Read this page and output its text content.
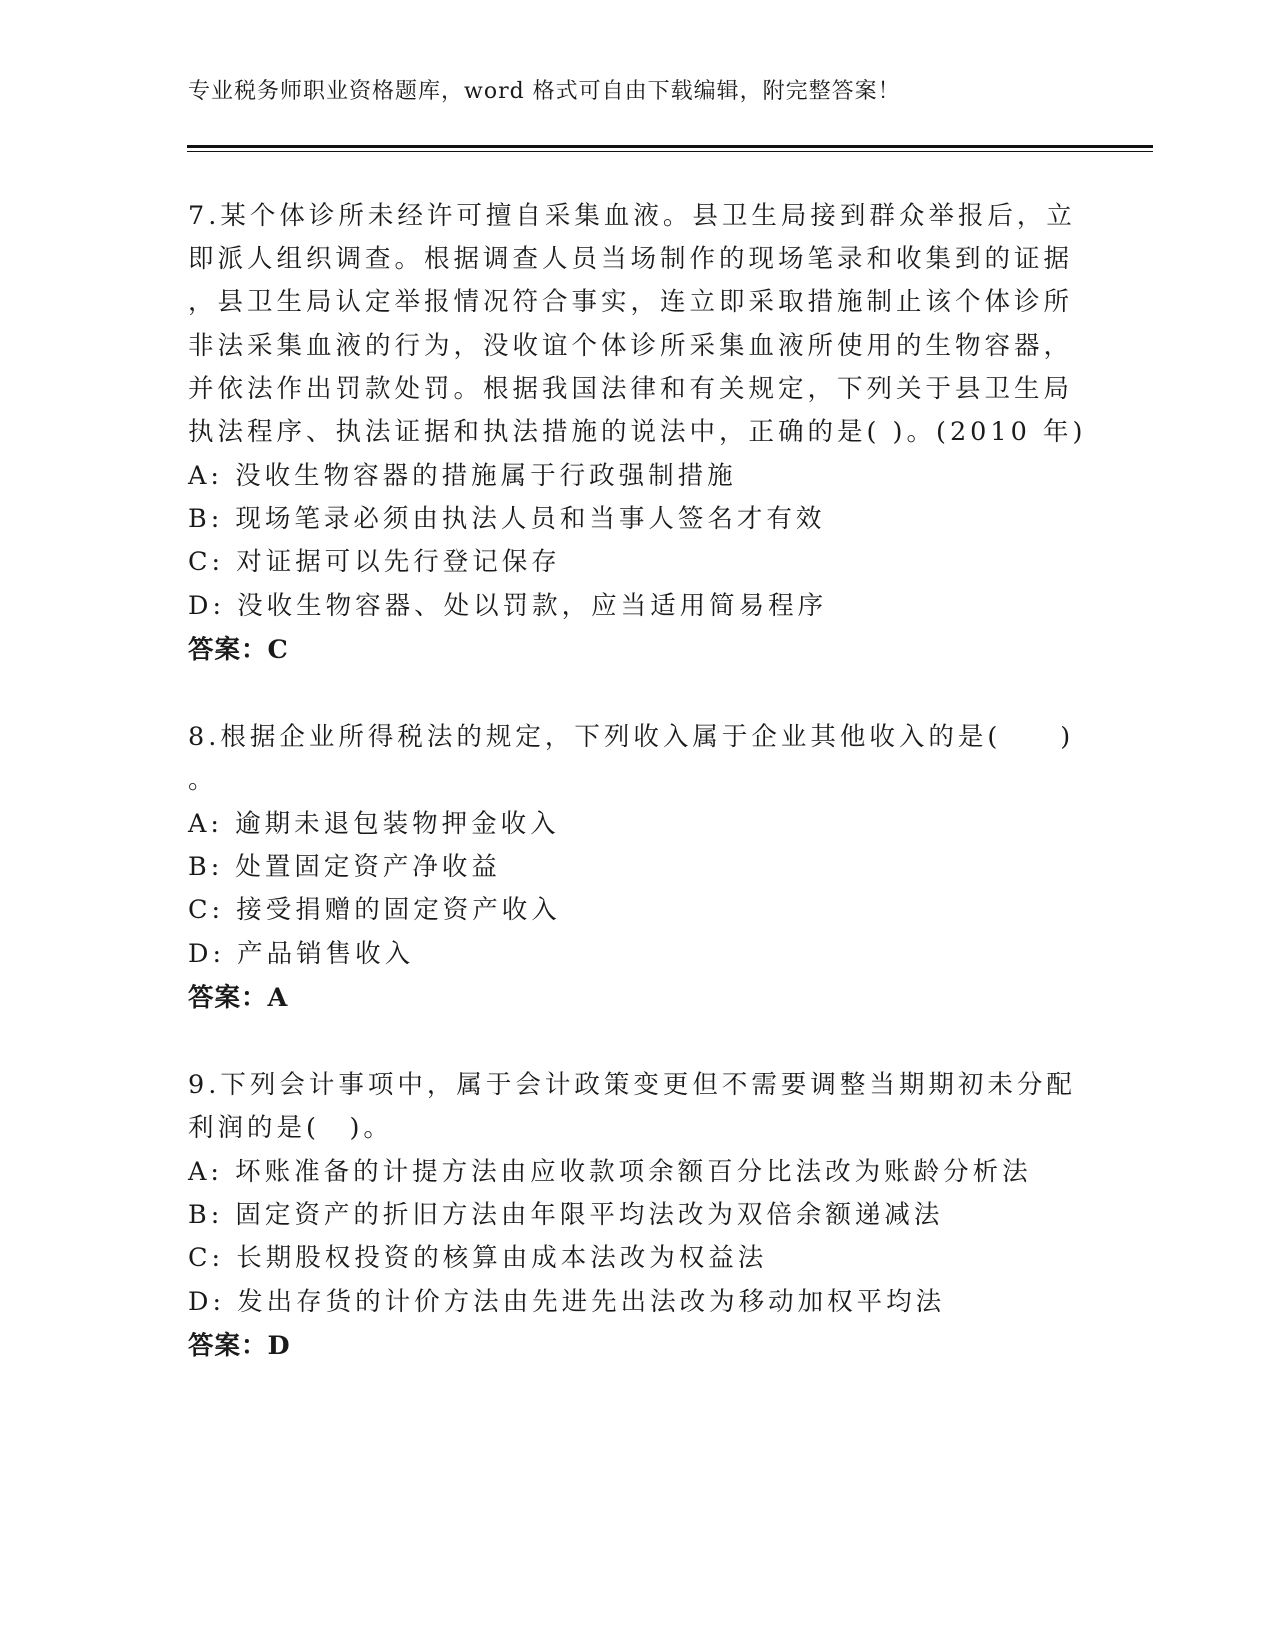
专业税务师职业资格题库，word 格式可自由下载编辑，附完整答案！
7.某个体诊所未经许可擅自采集血液。县卫生局接到群众举报后，立
即派人组织调查。根据调查人员当场制作的现场笔录和收集到的证据
，县卫生局认定举报情况符合事实，连立即采取措施制止该个体诊所
非法采集血液的行为，没收谊个体诊所采集血液所使用的生物容器，
并依法作出罚款处罚。根据我国法律和有关规定，下列关于县卫生局
执法程序、执法证据和执法措施的说法中，正确的是( )。(2010 年)
A: 没收生物容器的措施属于行政强制措施
B: 现场笔录必须由执法人员和当事人签名才有效
C: 对证据可以先行登记保存
D: 没收生物容器、处以罚款，应当适用简易程序
答案：C
8.根据企业所得税法的规定，下列收入属于企业其他收入的是(　　)
。
A: 逾期未退包装物押金收入
B: 处置固定资产净收益
C: 接受捐赠的固定资产收入
D: 产品销售收入
答案：A
9.下列会计事项中，属于会计政策变更但不需要调整当期期初未分配
利润的是(　)。
A: 坏账准备的计提方法由应收款项余额百分比法改为账龄分析法
B: 固定资产的折旧方法由年限平均法改为双倍余额递减法
C: 长期股权投资的核算由成本法改为权益法
D: 发出存货的计价方法由先进先出法改为移动加权平均法
答案：D
